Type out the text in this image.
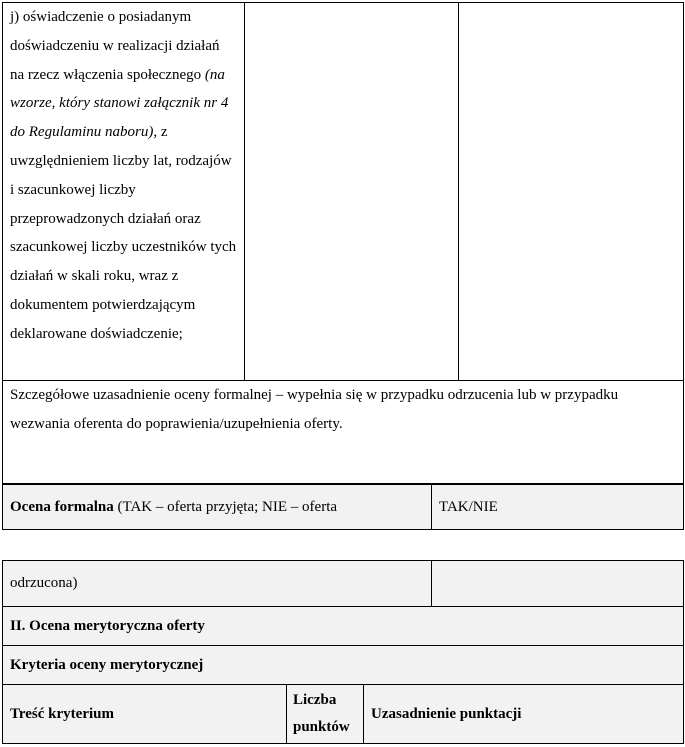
j) oświadczenie o posiadanym doświadczeniu w realizacji działań na rzecz włączenia społecznego (na wzorze, który stanowi załącznik nr 4 do Regulaminu naboru), z uwzględnieniem liczby lat, rodzajów i szacunkowej liczby przeprowadzonych działań oraz szacunkowej liczby uczestników tych działań w skali roku, wraz z dokumentem potwierdzającym deklarowane doświadczenie;		
Szczegółowe uzasadnienie oceny formalnej – wypełnia się w przypadku odrzucenia lub w przypadku wezwania oferenta do poprawienia/uzupełnienia oferty.
Ocena formalna (TAK – oferta przyjęta; NIE – oferta	TAK/NIE
odrzucona)	
II. Ocena merytoryczna oferty
Kryteria oceny merytorycznej
Treść kryterium	Liczba punktów	Uzasadnienie punktacji
